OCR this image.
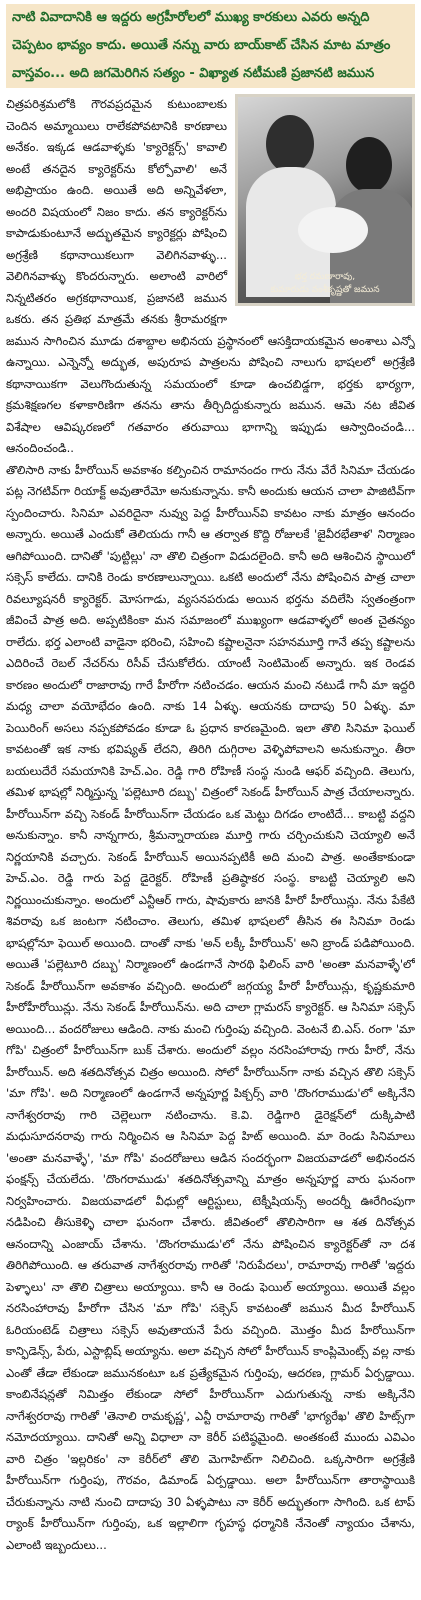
నాటి వివాదానికి ఆ ఇద్దరు అగ్రహీరోలలో ముఖ్య కారకులు ఎవరు అన్నది
చెప్పటం భావ్యం కాదు. అయితే నన్ను వారు బాయ్‌కాట్ చేసిన మాట మాత్రం
వాస్తవం... అది జగమెరిగిన సత్యం - విఖ్యాత నటీమణి ప్రజానటి జమున
భర్త రమణారావు,
కుమారుడు వంశీకృష్ణతో జమున

చిత్రపరిశ్రమలోకి గౌరవప్రదమైన కుటుంబాలకు చెందిన అమ్మాయిలు రాలేకపోవటానికి కారణాలు అనేకం. ఇక్కడ ఆడవాళ్ళకు 'క్యారెక్టర్స్' కావాలి అంటే తనదైన క్యారెక్టర్‌ను కోల్పోవాలి' అనే అభిప్రాయం ఉంది. అయితే అది అన్నివేళలా, అందరి విషయంలో నిజం కాదు. తన క్యారెక్టర్‌ను కాపాడుకుంటూనే అద్భుతమైన క్యారెక్టర్లు పోషించి అగ్రశ్రేణి కథానాయికలుగా వెలిగినవాళ్ళు... వెలిగినవాళ్ళు కొందరున్నారు. అలాంటి వారిలో నిన్నటితరం అగ్రకథానాయిక, ప్రజానటి జమున ఒకరు. తన ప్రతిభ మాత్రమే తనకు శ్రీరామరక్షగా జమున సాగించిన మూడు దశాబ్దాల అభినయ ప్రస్థానంలో ఆసక్తిదాయకమైన అంశాలు ఎన్నో ఉన్నాయి. ఎన్నెన్నో అద్భుత, అపురూప పాత్రలను పోషించి నాలుగు భాషలలో అగ్రశ్రేణి కథానాయికగా వెలుగొందుతున్న సమయంలో కూడా ఉంచబిడ్డగా, భర్తకు భార్యగా, క్రమశిక్షణగల కళాకారిణిగా తనను తాను తీర్చిదిద్దుకున్నారు జమున. ఆమె నట జీవిత విశేషాల ఆవిష్కరణలో గతవారం తరువాయి భాగాన్ని ఇప్పుడు ఆస్వాదించండి... ఆనందించండి..

తొలిసారి నాకు హీరోయిన్ అవకాశం కల్పించిన రామానందం గారు నేను వేరే సినిమా చేయడం పట్ల నెగటివ్‌గా రియాక్ట్ అవుతారేమో అనుకున్నాను. కానీ అందుకు ఆయన చాలా పాజిటివ్‌గా స్పందించారు. సినిమా ఎవరిదైనా నువ్వు పెద్ద హీరోయిన్‌వి కావటం నాకు మాత్రం ఆనందం అన్నారు. అయితే ఎందుకో తెలియదు గానీ ఆ తర్వాత కొద్ది రోజులకే 'జైవీరభేతాళ' నిర్మాణం ఆగిపోయింది. దానితో 'పుట్టిల్లు' నా తొలి చిత్రంగా విడుదలైంది. కానీ అది ఆశించిన స్థాయిలో సక్సెస్ కాలేదు. దానికి రెండు కారణాలున్నాయి. ఒకటి అందులో నేను పోషించిన పాత్ర చాలా రివల్యూషనరీ క్యారెక్టర్. మోసగాడు, వ్యసనపరుడు అయిన భర్తను వదిలేసి స్వతంత్రంగా జీవించే పాత్ర అది. అప్పటికింకా మన సమాజంలో ముఖ్యంగా ఆడవాళ్ళలో అంత చైతన్యం రాలేదు. భర్త ఎలాంటి వాడైనా భరించి, సహించి కష్టాలనైనా సహనమూర్తి గానే తప్ప కష్టాలను ఎదిరించే రెబల్ నేచర్‌ను రిసీవ్ చేసుకోలేరు. యాంటీ సెంటిమెంట్ అన్నారు. ఇక రెండవ కారణం అందులో రాజారావు గారే హీరోగా నటించడం. ఆయన మంచి నటుడే గానీ మా ఇద్దరి మధ్య చాలా వయోభేదం ఉంది. నాకు 14 ఏళ్ళు. ఆయనకు దాదాపు 50 ఏళ్ళు. మా పెయిరింగ్ అసలు నప్పకపోవడం కూడా ఓ ప్రధాన కారణమైంది. ఇలా తొలి సినిమా ఫెయిల్ కావటంతో ఇక నాకు భవిష్యత్ లేదని, తిరిగి దుగ్గిరాల వెళ్ళిపోవాలని అనుకున్నాం. తీరా బయలుదేరే సమయానికి హెచ్.ఎం. రెడ్డి గారి రోహిణీ సంస్థ నుండి ఆఫర్ వచ్చింది. తెలుగు, తమిళ భాషల్లో నిర్మిస్తున్న 'పల్లెటూరి దబ్బు' చిత్రంలో సెకండ్ హీరోయిన్ పాత్ర చేయాలన్నారు. హీరోయిన్‌గా వచ్చి సెకండ్ హీరోయిన్‌గా చేయడం ఒక మెట్టు దిగడం లాంటిదే... కాబట్టి వద్దని అనుకున్నాం. కానీ నాన్నగారు, శ్రీమన్నారాయణ మూర్తి గారు చర్చించుకుని చెయ్యాలి అనే నిర్ణయానికి వచ్చారు. సెకండ్ హీరోయిన్ అయినప్పటికీ అది మంచి పాత్ర. అంతేకాకుండా హెచ్.ఎం. రెడ్డి గారు పెద్ద డైరెక్టర్. రోహిణీ ప్రతిష్ఠాకర సంస్థ. కాబట్టి చెయ్యాలి అని నిర్ణయించుకున్నాం. అందులో ఎన్టీఆర్ గారు, షావుకారు జానకి హీరో హీరోయిన్లు. నేను పేకేటి శివరావు ఒక జంటగా నటించాం. తెలుగు, తమిళ భాషలలో తీసిన ఈ సినిమా రెండు భాషల్లోనూ ఫెయిల్ అయింది. దాంతో నాకు 'అన్ లక్కీ హీరోయిన్' అని బ్రాండ్ పడిపోయింది. అయితే 'పల్లెటూరి దబ్బు' నిర్మాణంలో ఉండగానే సారథి ఫిలింస్ వారి 'అంతా మనవాళ్ళే'లో సెకండ్ హీరోయిన్‌గా అవకాశం వచ్చింది. అందులో జగ్గయ్య హీరో హీరోయిన్లు, కృష్ణకుమారి హీరోహీరోయిన్లు. నేను సెకండ్ హీరోయిన్‌ను. అది చాలా గ్లామరస్ క్యారెక్టర్. ఆ సినిమా సక్సెస్ అయింది... వందరోజులు ఆడింది. నాకు మంచి గుర్తింపు వచ్చింది. వెంటనే బి.ఎస్. రంగా 'మా గోపి' చిత్రంలో హీరోయిన్‌గా బుక్ చేశారు. అందులో వల్లం నరసింహారావు గారు హీరో, నేను హీరోయిన్. అది శతదినోత్సవ చిత్రం అయింది. సోలో హీరోయిన్‌గా నాకు వచ్చిన తొలి సక్సెస్ 'మా గోపి'. అది నిర్మాణంలో ఉండగానే అన్నపూర్ణ పిక్చర్స్ వారి 'దొంగరాముడు'లో అక్కినేని నాగేశ్వరరావు గారి చెల్లెలుగా నటించాను. కె.వి. రెడ్డిగారి డైరెక్షన్‌లో దుక్కిపాటి మధుసూదనరావు గారు నిర్మించిన ఆ సినిమా పెద్ద హిట్ అయింది. మా రెండు సినిమాలు 'అంతా మనవాళ్ళే', 'మా గోపి' వందరోజులు ఆడిన సందర్భంగా విజయవాడలో అభినందన ఫంక్షన్స్ చేయలేదు. 'దొంగరాముడు' శతదినోత్సవాన్ని మాత్రం అన్నపూర్ణ వారు ఘనంగా నిర్వహించారు. విజయవాడలో వీధుల్లో ఆర్టిస్టులు, టెక్నీషియన్స్ అందర్నీ ఊరేగింపుగా నడిపించి తీసుకెళ్ళి చాలా ఘనంగా చేశారు. జీవితంలో తొలిసారిగా ఆ శత దినోత్సవ ఆనందాన్ని ఎంజాయ్ చేశాను. 'దొంగరాముడు'లో నేను పోషించిన క్యారెక్టర్‌తో నా దశ తిరిగిపోయింది. ఆ తరువాత నాగేశ్వరరావు గారితో 'నిరుపేదలు', రామారావు గారితో 'ఇద్దరు పెళ్ళాలు' నా తొలి చిత్రాలు అయ్యాయి. కానీ ఆ రెండు ఫెయిల్ అయ్యాయి. అయితే వల్లం నరసింహారావు హీరోగా చేసిన 'మా గోపి' సక్సెస్ కావటంతో జమున మీద హీరోయిన్ ఓరియంటెడ్ చిత్రాలు సక్సెస్ అవుతాయనే పేరు వచ్చింది. మొత్తం మీద హీరోయిన్‌గా కాన్ఫిడెన్స్, పేరు, ఎస్టాబ్లిష్ అయ్యాను. అలా వచ్చిన సోలో హీరోయిన్ కాంప్లిమెంట్స్ వల్ల నాకు ఎంతో తేడా లేకుండా జమునకంటూ ఒక ప్రత్యేకమైన గుర్తింపు, ఆదరణ, గ్లామర్ ఏర్పడ్డాయి. కాంబినేషన్లతో నిమిత్తం లేకుండా సోలో హీరోయిన్‌గా ఎదుగుతున్న నాకు అక్కినేని నాగేశ్వరరావు గారితో 'తెనాలి రామకృష్ణ', ఎన్టీ రామారావు గారితో 'భాగ్యరేఖ' తొలి హిట్స్‌గా నమోదయ్యాయి. దానితో అన్ని విధాలా నా కెరీర్ పటిష్ఠమైంది. అంతకంటే ముందు ఎవిఎం వారి చిత్రం 'ఇల్లరికం' నా కెరీర్‌లో తొలి మెగాహిట్‌గా నిలిచింది. ఒక్కసారిగా అగ్రశ్రేణి హీరోయిన్‌గా గుర్తింపు, గౌరవం, డిమాండ్ ఏర్పడ్డాయి. అలా హీరోయిన్‌గా తారాస్థాయికి చేరుకున్నాను నాటి నుంచి దాదాపు 30 ఏళ్ళపాటు నా కెరీర్ అద్భుతంగా సాగింది. ఒక టాప్ ర్యాంక్ హీరోయిన్‌గా గుర్తింపు, ఒక ఇల్లాలిగా గృహస్థ ధర్మానికి నేనెంతో న్యాయం చేశాను, ఎలాంటి ఇబ్బందులు...
